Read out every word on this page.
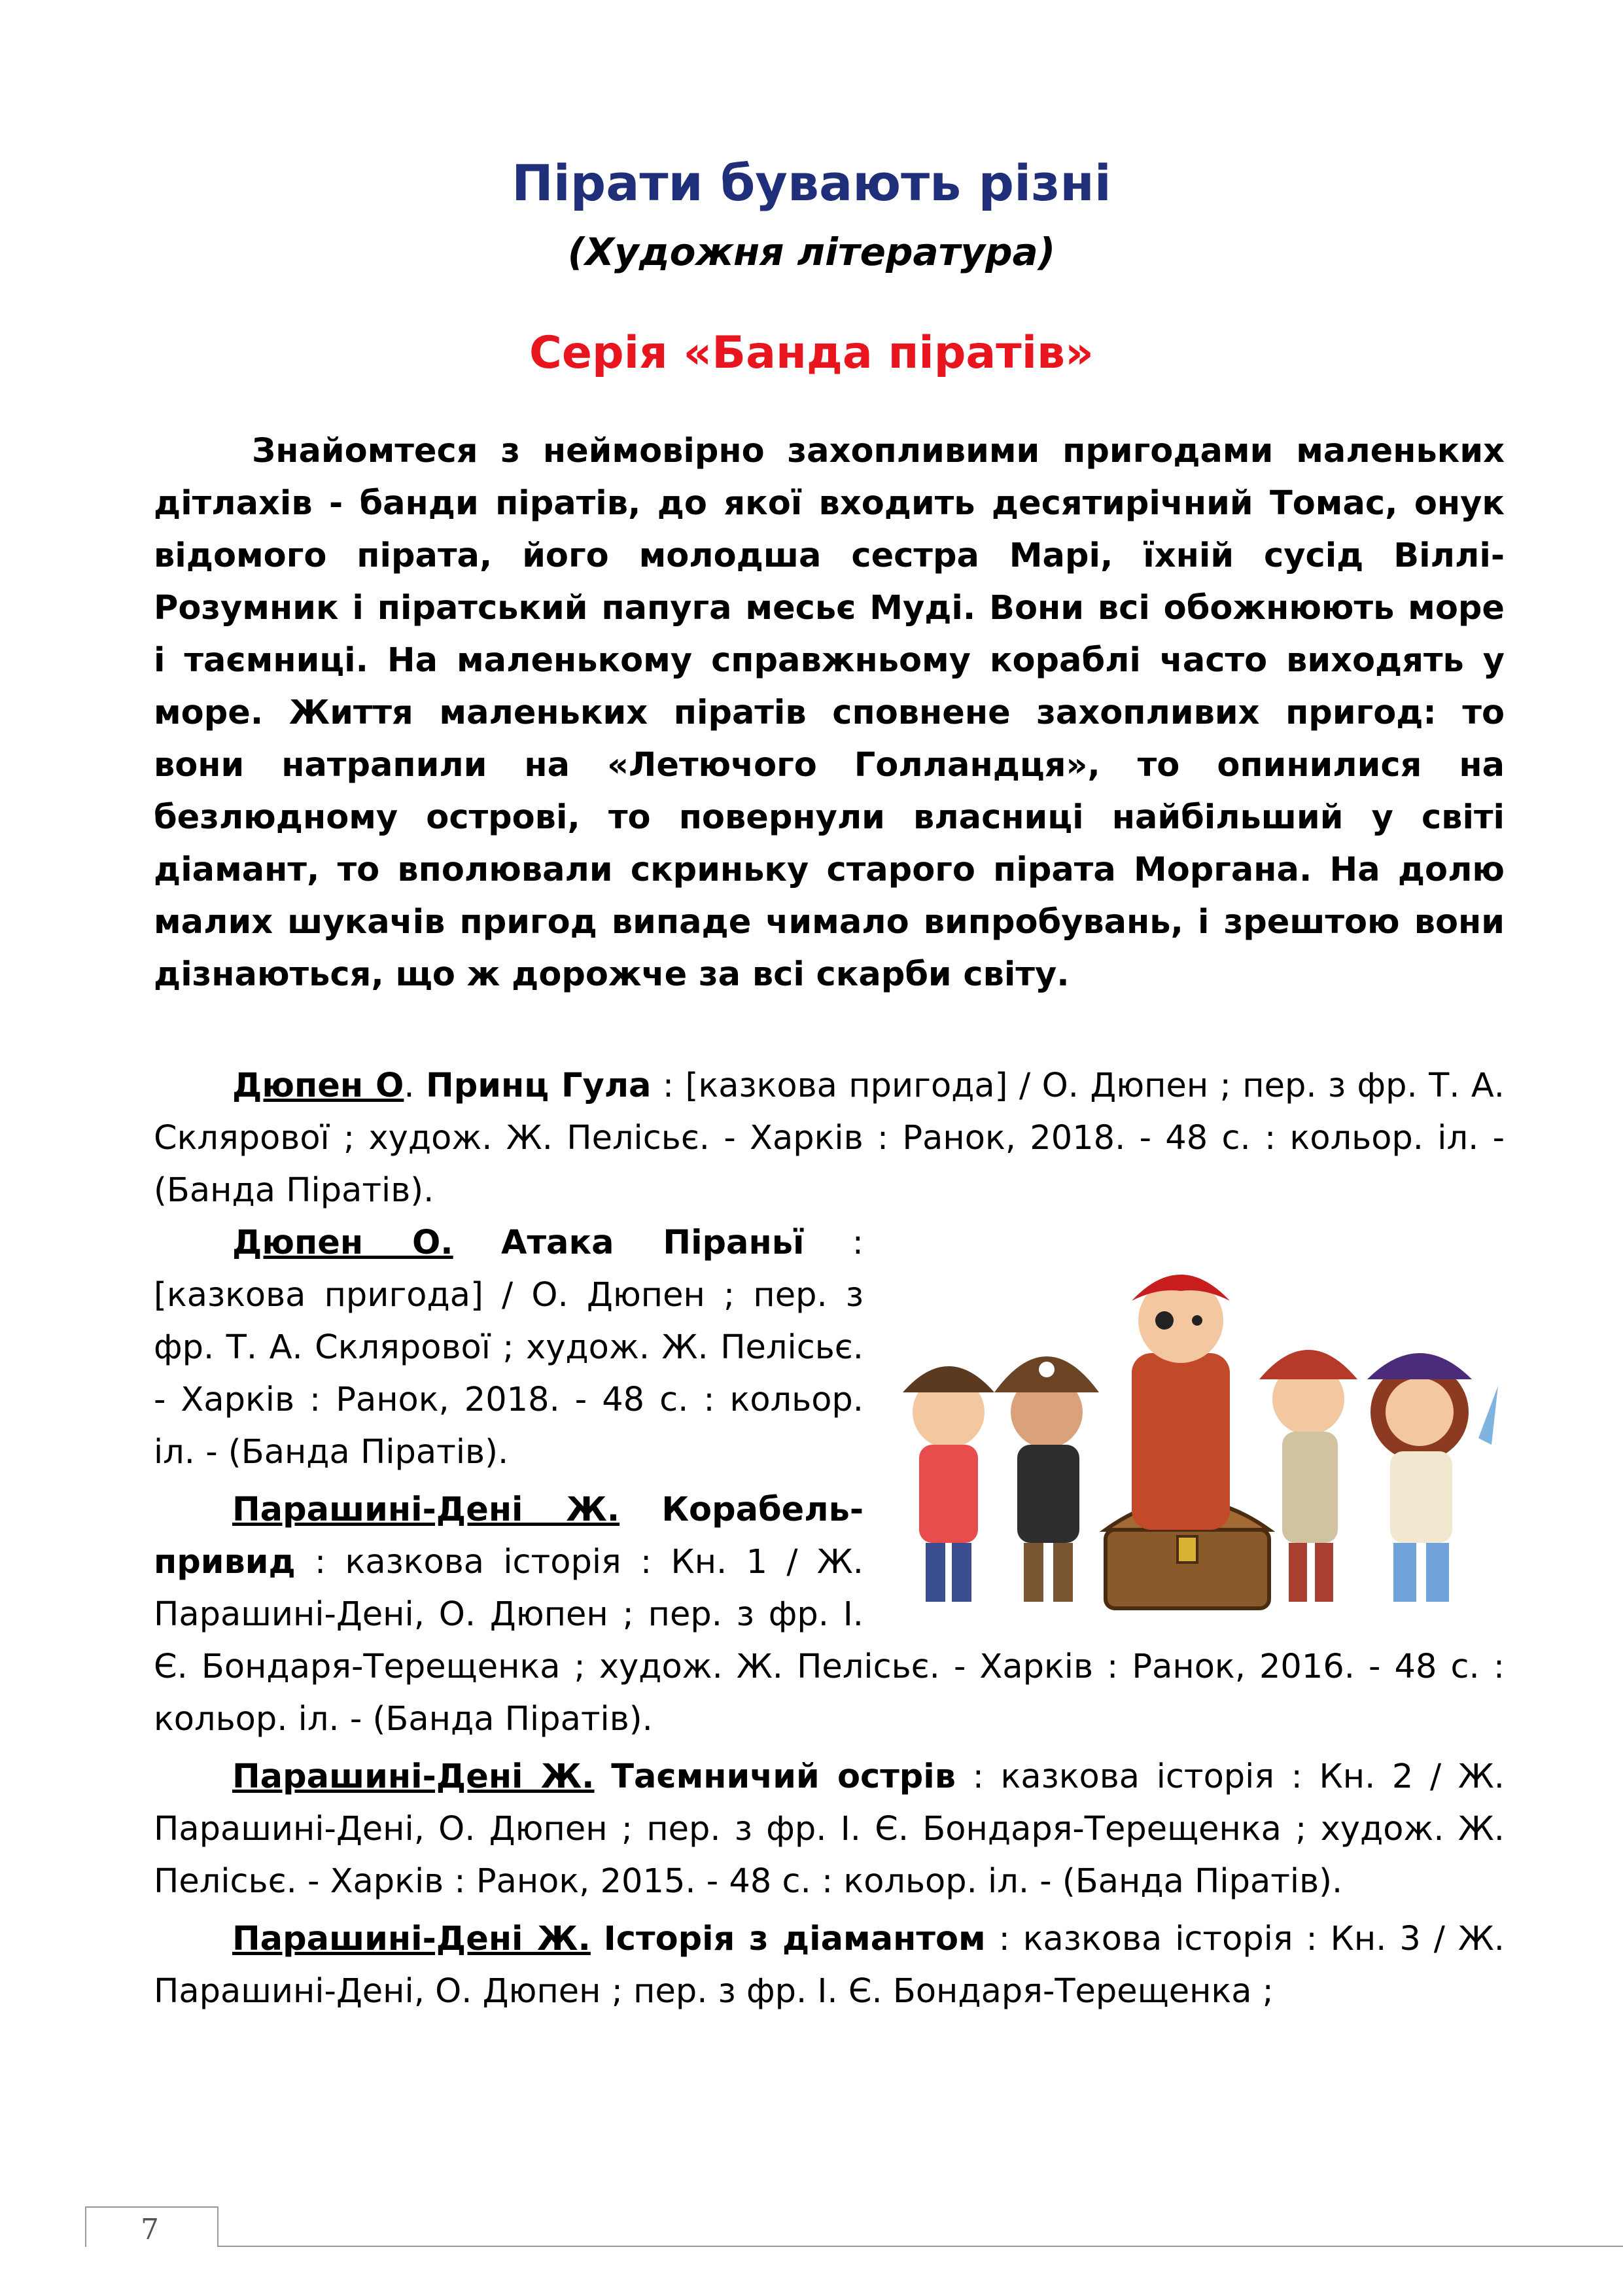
Пірати бувають різні
(Художня література)
Серія «Банда піратів»

Знайомтеся з неймовірно захопливими пригодами маленьких дітлахів - банди піратів, до якої входить десятирічний Томас, онук відомого пірата, його молодша сестра Марі, їхній сусід Віллі-Розумник і піратський папуга месьє Муді. Вони всі обожнюють море і таємниці. На маленькому справжньому кораблі часто виходять у море. Життя маленьких піратів сповнене захопливих пригод: то вони натрапили на «Летючого Голландця», то опинилися на безлюдному острові, то повернули власниці найбільший у світі діамант, то вполювали скриньку старого пірата Моргана. На долю малих шукачів пригод випаде чимало випробувань, і зрештою вони дізнаються, що ж дорожче за всі скарби світу.

Дюпен О. Принц Гула : [казкова пригода] / О. Дюпен ; пер. з фр. Т. А. Склярової ; худож. Ж. Пелісьє. - Харків : Ранок, 2018. - 48 с. : кольор. іл. - (Банда Піратів).

Дюпен О. Атака Піраньї : [казкова пригода] / О. Дюпен ; пер. з фр. Т. А. Склярової ; худож. Ж. Пелісьє. - Харків : Ранок, 2018. - 48 с. : кольор. іл. - (Банда Піратів).

Парашині-Дені Ж. Корабель-привид : казкова історія : Кн. 1 / Ж. Парашині-Дені, О. Дюпен ; пер. з фр. І. Є. Бондаря-Терещенка ; худож. Ж. Пелісьє. - Харків : Ранок, 2016. - 48 с. : кольор. іл. - (Банда Піратів).

Парашині-Дені Ж. Таємничий острів : казкова історія : Кн. 2 / Ж. Парашині-Дені, О. Дюпен ; пер. з фр. І. Є. Бондаря-Терещенка ; худож. Ж. Пелісьє. - Харків : Ранок, 2015. - 48 с. : кольор. іл. - (Банда Піратів).

Парашині-Дені Ж. Історія з діамантом : казкова історія : Кн. 3 / Ж. Парашині-Дені, О. Дюпен ; пер. з фр. І. Є. Бондаря-Терещенка ;

7
